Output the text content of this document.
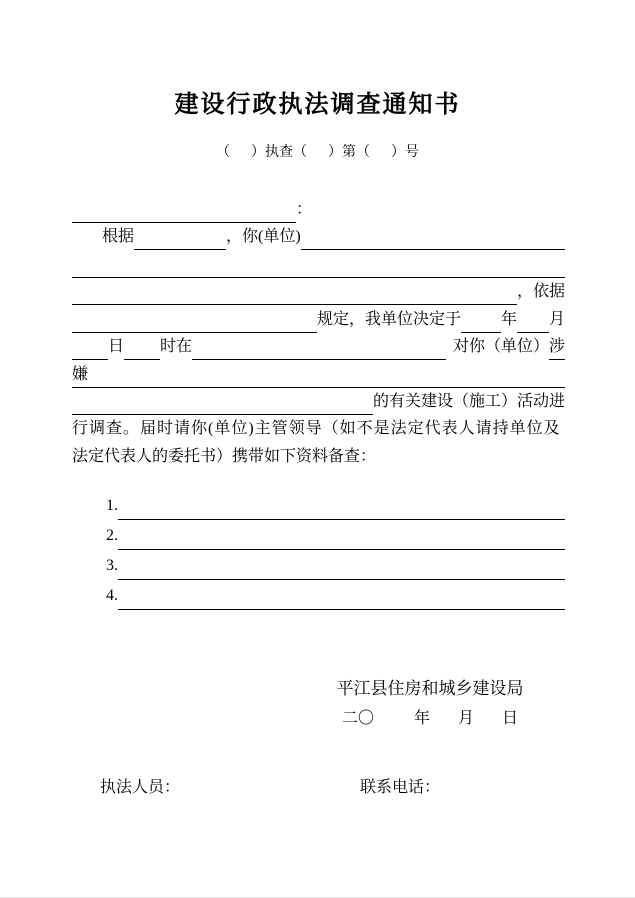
建设行政执法调查通知书
（      ）执查（      ）第（      ）号
：
根据	，你(单位)
，依据
规定，我单位决定于	年 月
日 时在	对你（单位） 涉
嫌
的有关建设（施工）活动进
行调查。届时请你(单位)主管领导（如不是法定代表人请持单位及
法定代表人的委托书）携带如下资料备查：
1.
2.
3.
4.
平江县住房和城乡建设局
二〇          年       月       日
执法人员：	联系电话：
